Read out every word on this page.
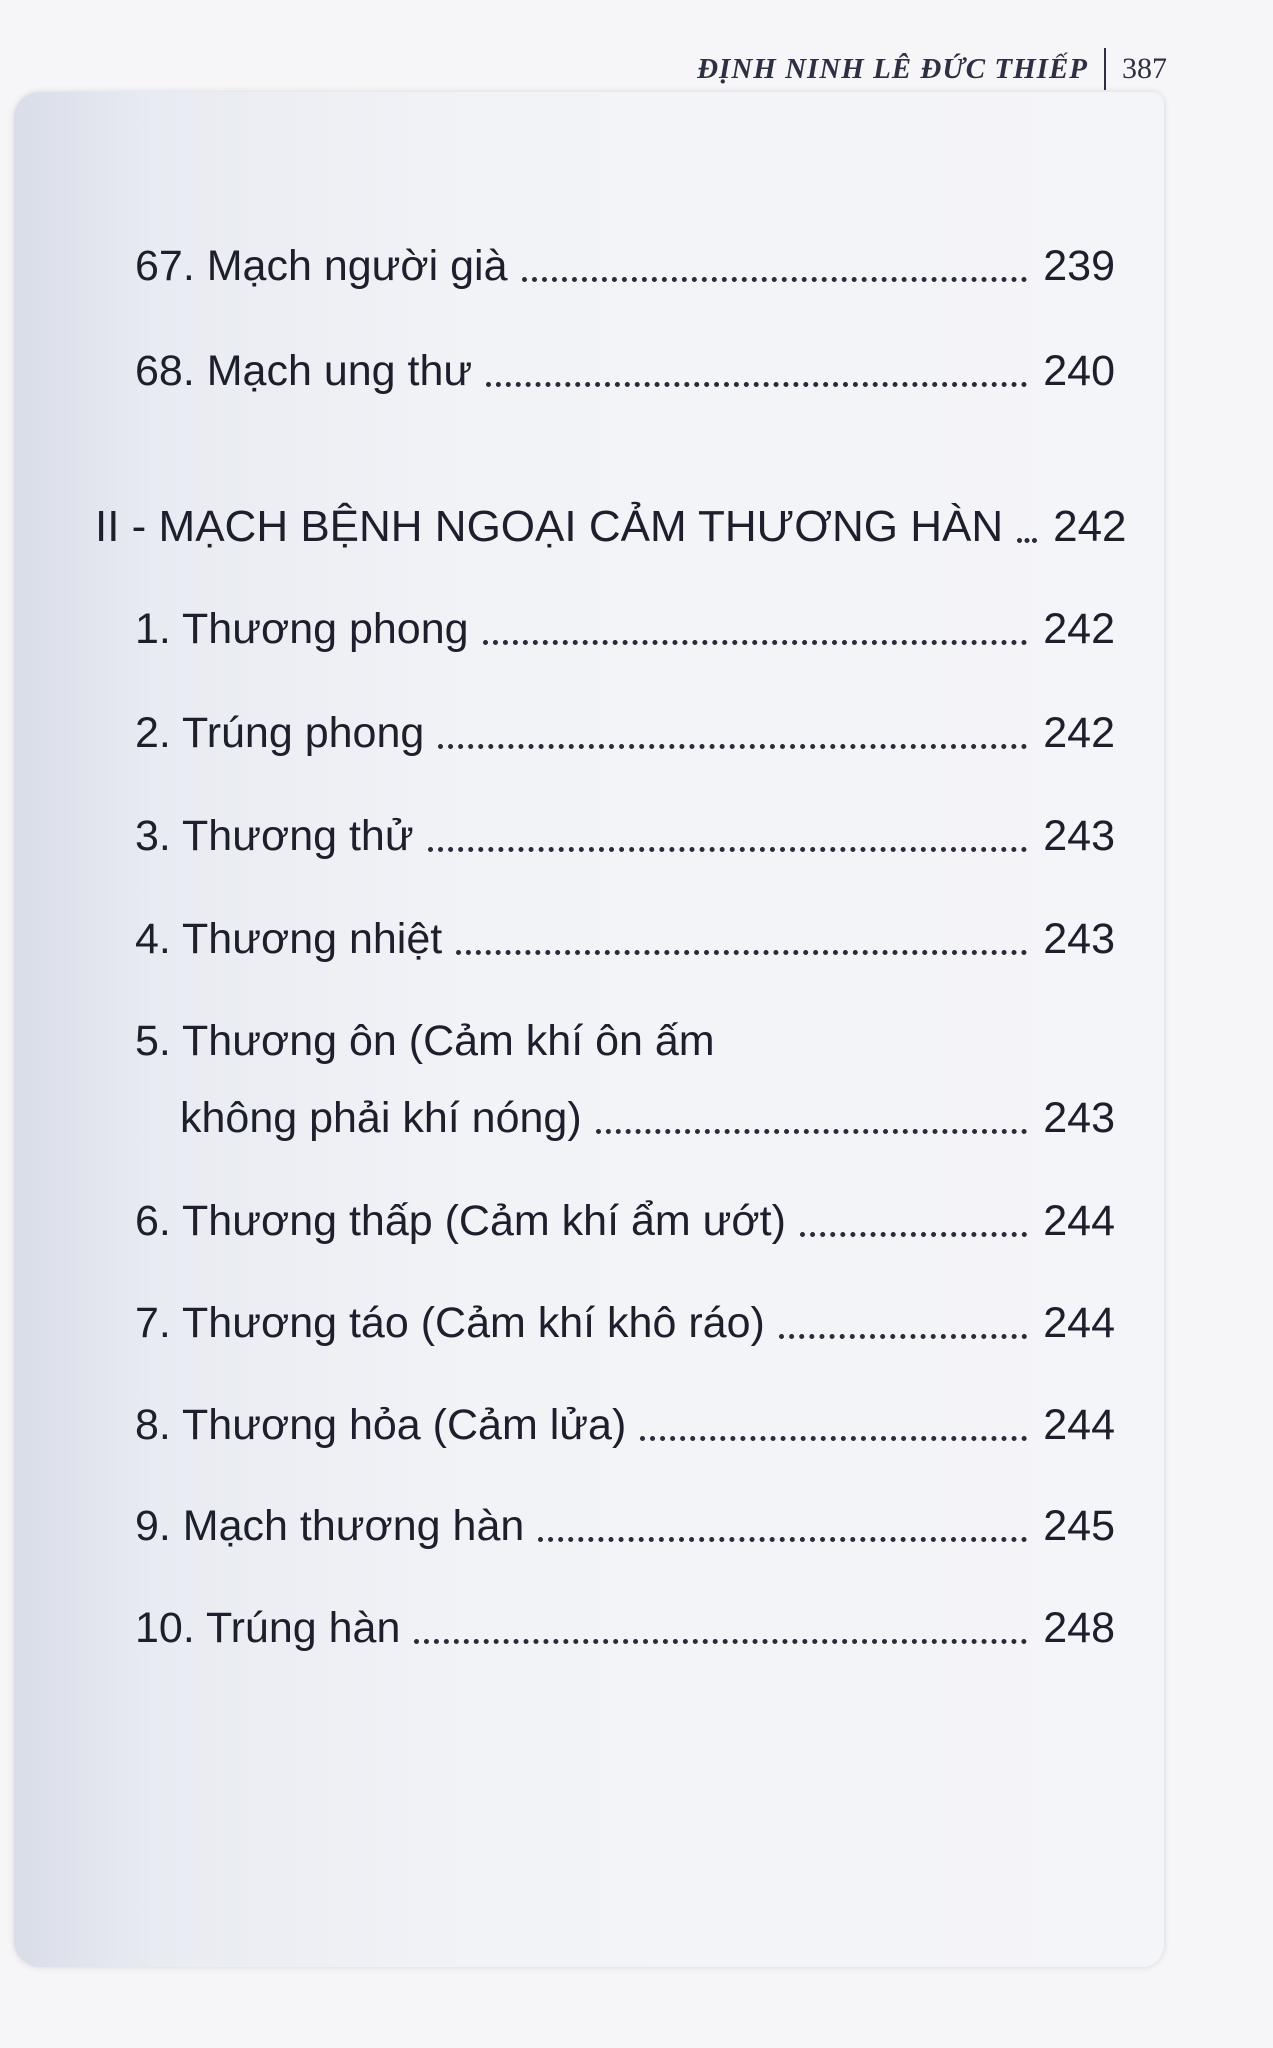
ĐỊNH NINH LÊ ĐỨC THIẾP 387
67. Mạch người già	239
68. Mạch ung thư	240
II - MẠCH BỆNH NGOẠI CẢM THƯƠNG HÀN 242
1. Thương phong	242
2. Trúng phong	242
3. Thương thử	243
4. Thương nhiệt	243
5. Thương ôn (Cảm khí ôn ấm
không phải khí nóng)	243
6. Thương thấp (Cảm khí ẩm ướt)	244
7. Thương táo (Cảm khí khô ráo)	244
8. Thương hỏa (Cảm lửa)	244
9. Mạch thương hàn	245
10. Trúng hàn	248
